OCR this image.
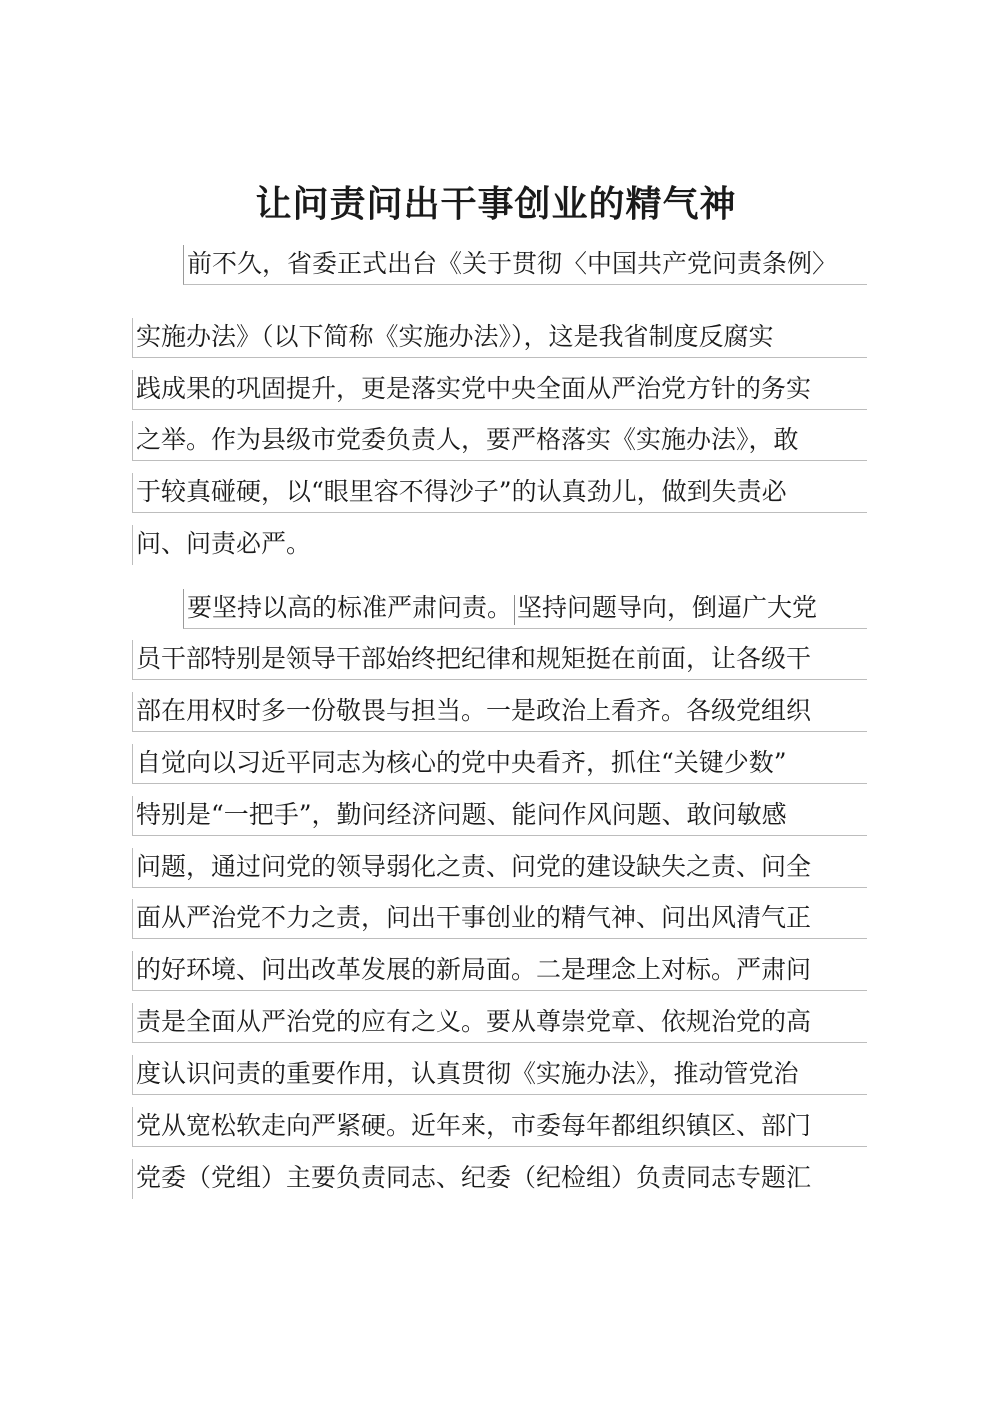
让问责问出干事创业的精气神
前不久，省委正式出台《关于贯彻〈中国共产党问责条例〉
实施办法》（以下简称《实施办法》），这是我省制度反腐实
践成果的巩固提升，更是落实党中央全面从严治党方针的务实
之举。作为县级市党委负责人，要严格落实《实施办法》，敢
于较真碰硬，以“眼里容不得沙子”的认真劲儿，做到失责必
问、问责必严。
要坚持以高的标准严肃问责。 坚持问题导向，倒逼广大党
员干部特别是领导干部始终把纪律和规矩挺在前面，让各级干
部在用权时多一份敬畏与担当。一是政治上看齐。各级党组织
自觉向以习近平同志为核心的党中央看齐，抓住“关键少数”
特别是“一把手”，勤问经济问题、能问作风问题、敢问敏感
问题，通过问党的领导弱化之责、问党的建设缺失之责、问全
面从严治党不力之责，问出干事创业的精气神、问出风清气正
的好环境、问出改革发展的新局面。二是理念上对标。严肃问
责是全面从严治党的应有之义。要从尊崇党章、依规治党的高
度认识问责的重要作用，认真贯彻《实施办法》，推动管党治
党从宽松软走向严紧硬。近年来，市委每年都组织镇区、部门
党委（党组）主要负责同志、纪委（纪检组）负责同志专题汇
